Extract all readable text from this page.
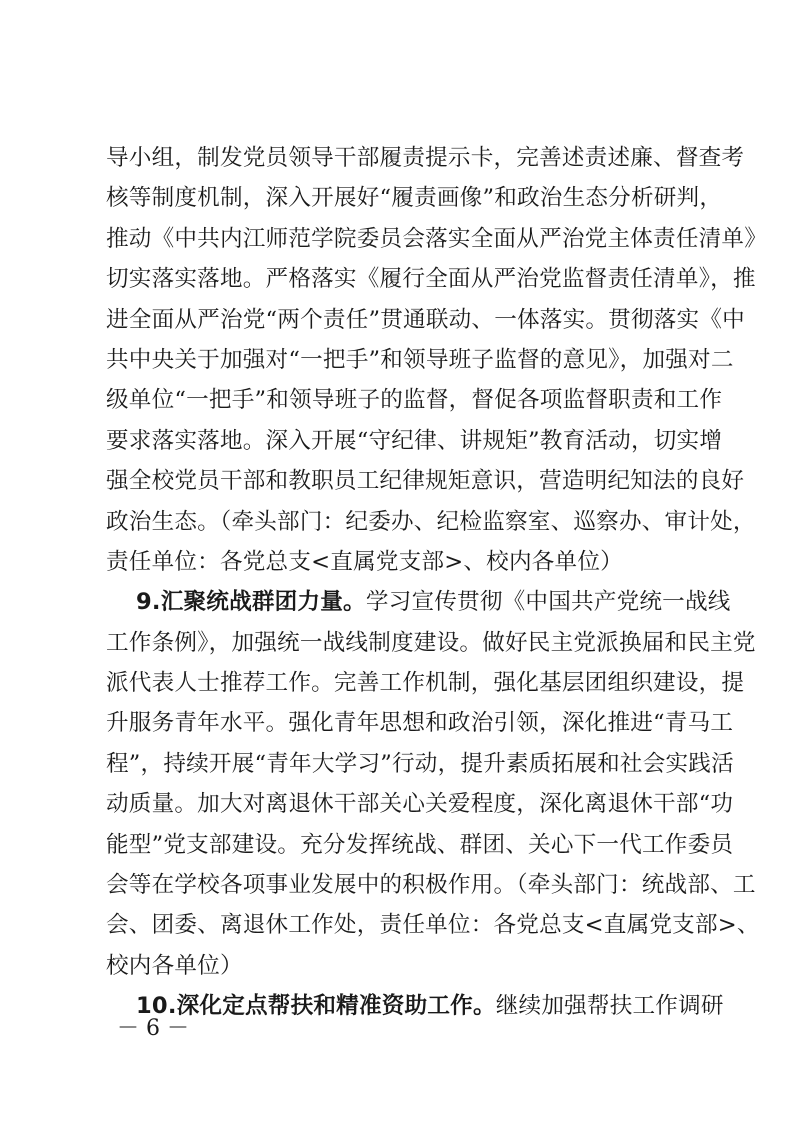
导小组，制发党员领导干部履责提示卡，完善述责述廉、督查考
核等制度机制，深入开展好“履责画像”和政治生态分析研判，
推动《中共内江师范学院委员会落实全面从严治党主体责任清单》
切实落实落地。严格落实《履行全面从严治党监督责任清单》，推
进全面从严治党“两个责任”贯通联动、一体落实。贯彻落实《中
共中央关于加强对“一把手”和领导班子监督的意见》，加强对二
级单位“一把手”和领导班子的监督，督促各项监督职责和工作
要求落实落地。深入开展“守纪律、讲规矩”教育活动，切实增
强全校党员干部和教职员工纪律规矩意识，营造明纪知法的良好
政治生态。（牵头部门：纪委办、纪检监察室、巡察办、审计处，
责任单位：各党总支<直属党支部>、校内各单位）
9.汇聚统战群团力量。学习宣传贯彻《中国共产党统一战线
工作条例》，加强统一战线制度建设。做好民主党派换届和民主党
派代表人士推荐工作。完善工作机制，强化基层团组织建设，提
升服务青年水平。强化青年思想和政治引领，深化推进“青马工
程”，持续开展“青年大学习”行动，提升素质拓展和社会实践活
动质量。加大对离退休干部关心关爱程度，深化离退休干部“功
能型”党支部建设。充分发挥统战、群团、关心下一代工作委员
会等在学校各项事业发展中的积极作用。（牵头部门：统战部、工
会、团委、离退休工作处，责任单位：各党总支<直属党支部>、
校内各单位）
10.深化定点帮扶和精准资助工作。继续加强帮扶工作调研
－ 6 －
